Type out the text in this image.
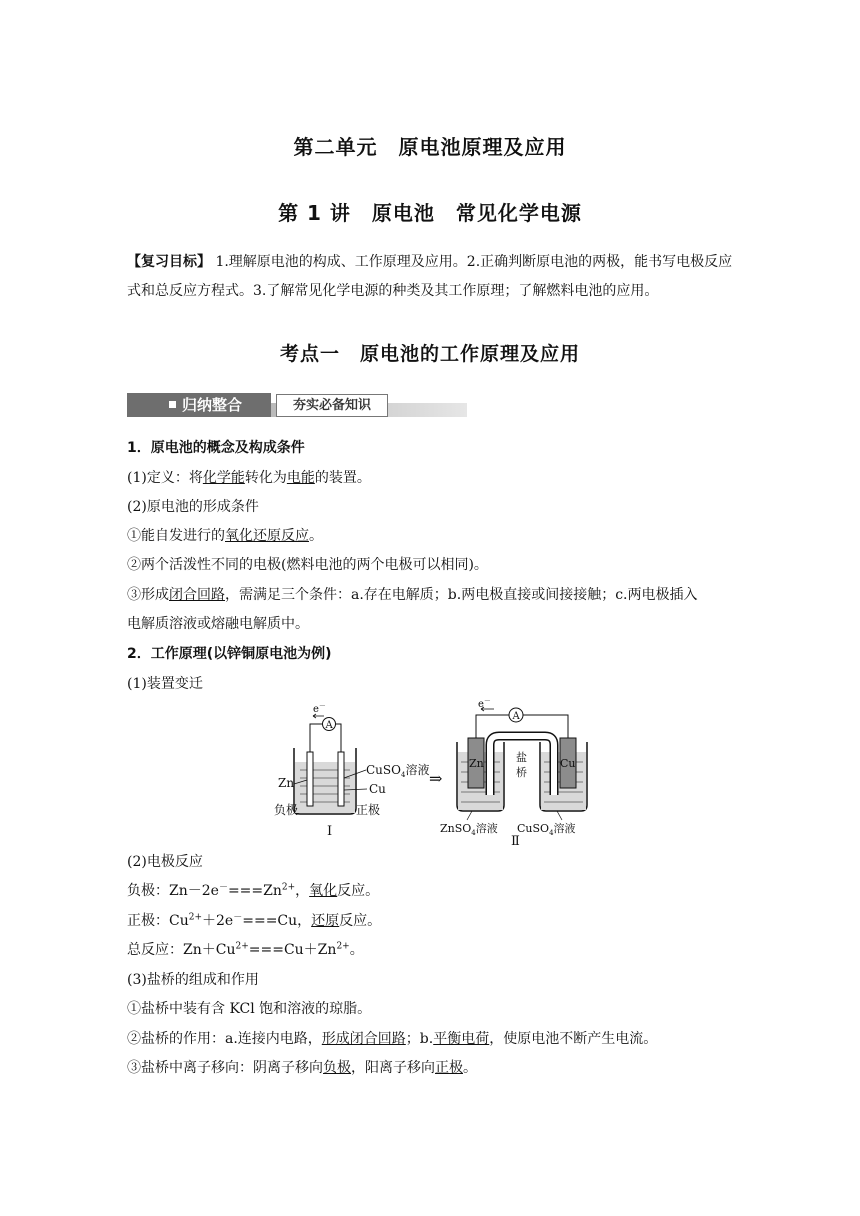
第二单元　原电池原理及应用
第 1 讲　原电池　常见化学电源
【复习目标】 1.理解原电池的构成、工作原理及应用。2.正确判断原电池的两极，能书写电极反应式和总反应方程式。3.了解常见化学电源的种类及其工作原理；了解燃料电池的应用。
考点一　原电池的工作原理及应用
归纳整合	夯实必备知识
1．原电池的概念及构成条件
(1)定义：将化学能转化为电能的装置。
(2)原电池的形成条件
①能自发进行的氧化还原反应。
②两个活泼性不同的电极(燃料电池的两个电极可以相同)。
③形成闭合回路，需满足三个条件：a.存在电解质；b.两电极直接或间接接触；c.两电极插入
电解质溶液或熔融电解质中。
2．工作原理(以锌铜原电池为例)
(1)装置变迁
A
e－
Zn
CuSO$_4$溶液
Cu
负极	正极
Ⅰ
⇒
A
e－
Zn	Cu
盐
桥
ZnSO$_4$溶液 CuSO$_4$溶液
Ⅱ
(2)电极反应
负极：$Zn-2e^-===Zn^{2+}$，氧化反应。
正极：$Cu^{2+}+2e^-===Cu$，还原反应。
总反应：$Zn+Cu^{2+}===Cu+Zn^{2+}$。
(3)盐桥的组成和作用
①盐桥中装有含 KCl 饱和溶液的琼脂。
②盐桥的作用：a.连接内电路，形成闭合回路；b.平衡电荷，使原电池不断产生电流。
③盐桥中离子移向：阴离子移向负极，阳离子移向正极。
